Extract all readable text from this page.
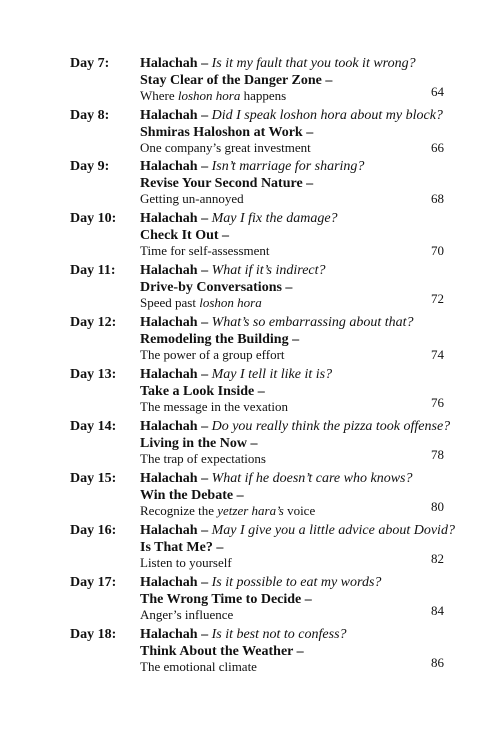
Day 7: Halachah – Is it my fault that you took it wrong?
Stay Clear of the Danger Zone –
Where loshon hora happens	64
Day 8: Halachah – Did I speak loshon hora about my block?
Shmiras Haloshon at Work –
One company’s great investment	66
Day 9: Halachah – Isn’t marriage for sharing?
Revise Your Second Nature –
Getting un-annoyed	68
Day 10: Halachah – May I fix the damage?
Check It Out –
Time for self-assessment	70
Day 11: Halachah – What if it’s indirect?
Drive-by Conversations –
Speed past loshon hora	72
Day 12: Halachah – What’s so embarrassing about that?
Remodeling the Building –
The power of a group effort	74
Day 13: Halachah – May I tell it like it is?
Take a Look Inside –
The message in the vexation	76
Day 14: Halachah – Do you really think the pizza took offense?
Living in the Now –
The trap of expectations	78
Day 15: Halachah – What if he doesn’t care who knows?
Win the Debate –
Recognize the yetzer hara’s voice	80
Day 16: Halachah – May I give you a little advice about Dovid?
Is That Me? –
Listen to yourself	82
Day 17: Halachah – Is it possible to eat my words?
The Wrong Time to Decide –
Anger’s influence	84
Day 18: Halachah – Is it best not to confess?
Think About the Weather –
The emotional climate	86
